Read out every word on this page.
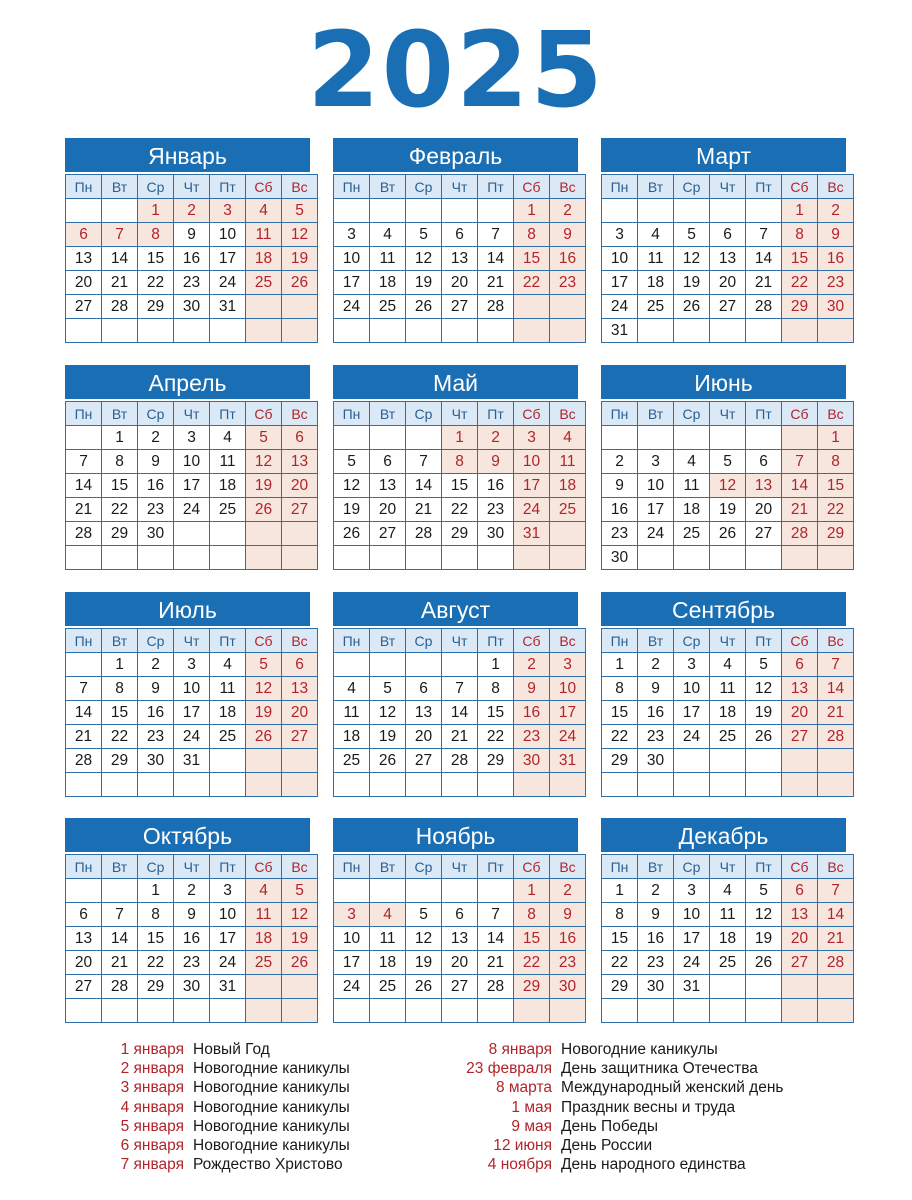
2025
Январь
Пн	Вт	Ср	Чт	Пт	Сб	Вс
		1	2	3	4	5
6	7	8	9	10	11	12
13	14	15	16	17	18	19
20	21	22	23	24	25	26
27	28	29	30	31		

Февраль
Пн	Вт	Ср	Чт	Пт	Сб	Вс
					1	2
3	4	5	6	7	8	9
10	11	12	13	14	15	16
17	18	19	20	21	22	23
24	25	26	27	28		

Март
Пн	Вт	Ср	Чт	Пт	Сб	Вс
					1	2
3	4	5	6	7	8	9
10	11	12	13	14	15	16
17	18	19	20	21	22	23
24	25	26	27	28	29	30
31						
Апрель
Пн	Вт	Ср	Чт	Пт	Сб	Вс
	1	2	3	4	5	6
7	8	9	10	11	12	13
14	15	16	17	18	19	20
21	22	23	24	25	26	27
28	29	30				

Май
Пн	Вт	Ср	Чт	Пт	Сб	Вс
			1	2	3	4
5	6	7	8	9	10	11
12	13	14	15	16	17	18
19	20	21	22	23	24	25
26	27	28	29	30	31	

Июнь
Пн	Вт	Ср	Чт	Пт	Сб	Вс
						1
2	3	4	5	6	7	8
9	10	11	12	13	14	15
16	17	18	19	20	21	22
23	24	25	26	27	28	29
30						
Июль
Пн	Вт	Ср	Чт	Пт	Сб	Вс
	1	2	3	4	5	6
7	8	9	10	11	12	13
14	15	16	17	18	19	20
21	22	23	24	25	26	27
28	29	30	31			

Август
Пн	Вт	Ср	Чт	Пт	Сб	Вс
				1	2	3
4	5	6	7	8	9	10
11	12	13	14	15	16	17
18	19	20	21	22	23	24
25	26	27	28	29	30	31

Сентябрь
Пн	Вт	Ср	Чт	Пт	Сб	Вс
1	2	3	4	5	6	7
8	9	10	11	12	13	14
15	16	17	18	19	20	21
22	23	24	25	26	27	28
29	30					

Октябрь
Пн	Вт	Ср	Чт	Пт	Сб	Вс
		1	2	3	4	5
6	7	8	9	10	11	12
13	14	15	16	17	18	19
20	21	22	23	24	25	26
27	28	29	30	31		

Ноябрь
Пн	Вт	Ср	Чт	Пт	Сб	Вс
					1	2
3	4	5	6	7	8	9
10	11	12	13	14	15	16
17	18	19	20	21	22	23
24	25	26	27	28	29	30

Декабрь
Пн	Вт	Ср	Чт	Пт	Сб	Вс
1	2	3	4	5	6	7
8	9	10	11	12	13	14
15	16	17	18	19	20	21
22	23	24	25	26	27	28
29	30	31				

1 января Новый Год
2 января Новогодние каникулы
3 января Новогодние каникулы
4 января Новогодние каникулы
5 января Новогодние каникулы
6 января Новогодние каникулы
7 января Рождество Христово
8 января Новогодние каникулы
23 февраля День защитника Отечества
8 марта Международный женский день
1 мая Праздник весны и труда
9 мая День Победы
12 июня День России
4 ноября День народного единства
